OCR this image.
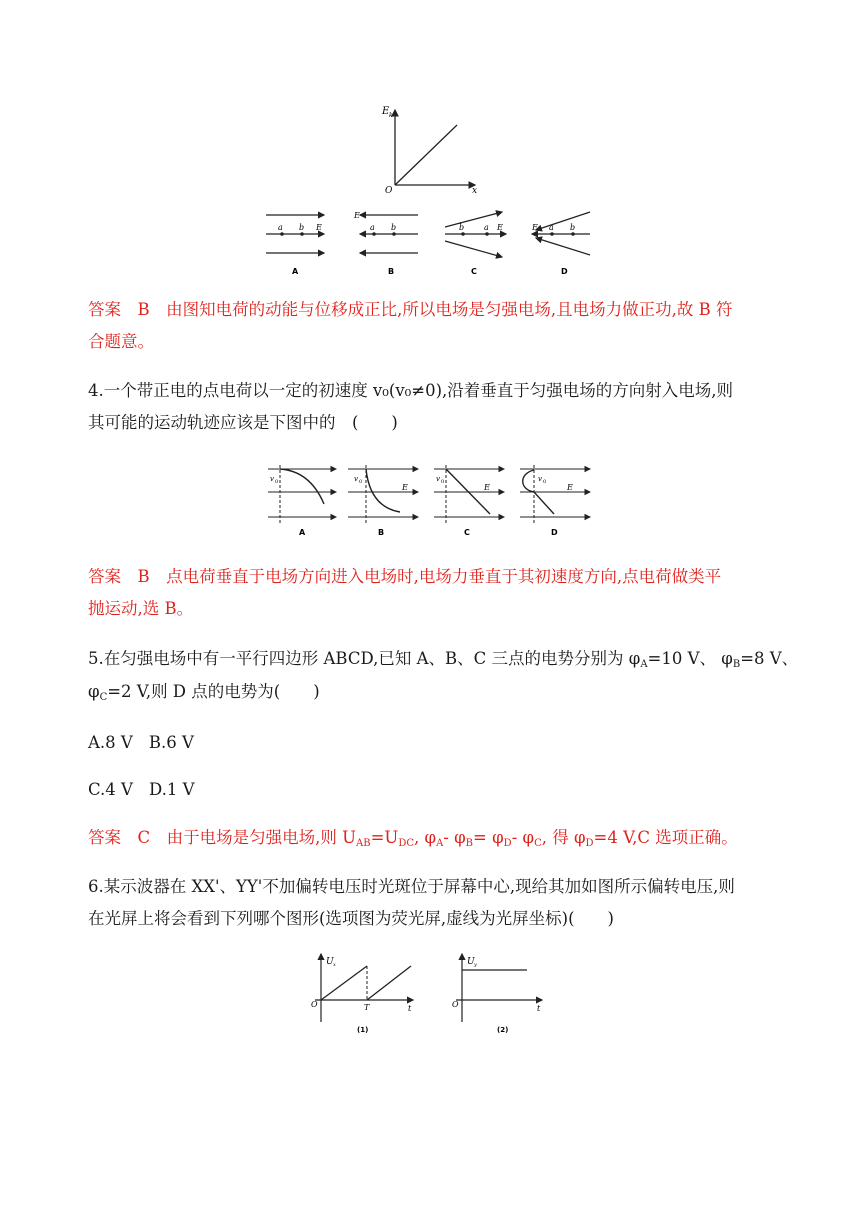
E k
O	x
a b E
A
a b
E
B
b a E
C
a b
E
D
答案　B　由图知电荷的动能与位移成正比,所以电场是匀强电场,且电场力做正功,故 B 符
合题意。
4.一个带正电的点电荷以一定的初速度 v₀(v₀≠0),沿着垂直于匀强电场的方向射入电场,则
其可能的运动轨迹应该是下图中的　(　　)
v 0
A
v 0
E
B
v 0
E
C
v 0
E
D
答案　B　点电荷垂直于电场方向进入电场时,电场力垂直于其初速度方向,点电荷做类平
抛运动,选 B。
5.在匀强电场中有一平行四边形 ABCD,已知 A、B、C 三点的电势分别为 $\varphi_A=10$ V、 $\varphi_B=8$ V、
$\varphi_C=2$ V,则 D 点的电势为(　　)
A.8 V B.6 V
C.4 V D.1 V
答案　C　由于电场是匀强电场,则 $U_{AB}=U_{DC}$, $\varphi_A-$ $\varphi_B= \varphi_D-$ $\varphi_C$, 得 $\varphi_D=4$ V,C 选项正确。
6.某示波器在 XX'、YY'不加偏转电压时光斑位于屏幕中心,现给其加如图所示偏转电压,则
在光屏上将会看到下列哪个图形(选项图为荧光屏,虚线为光屏坐标)(　　)
U x
O	T	t
(1)
U y
O	t
(2)
